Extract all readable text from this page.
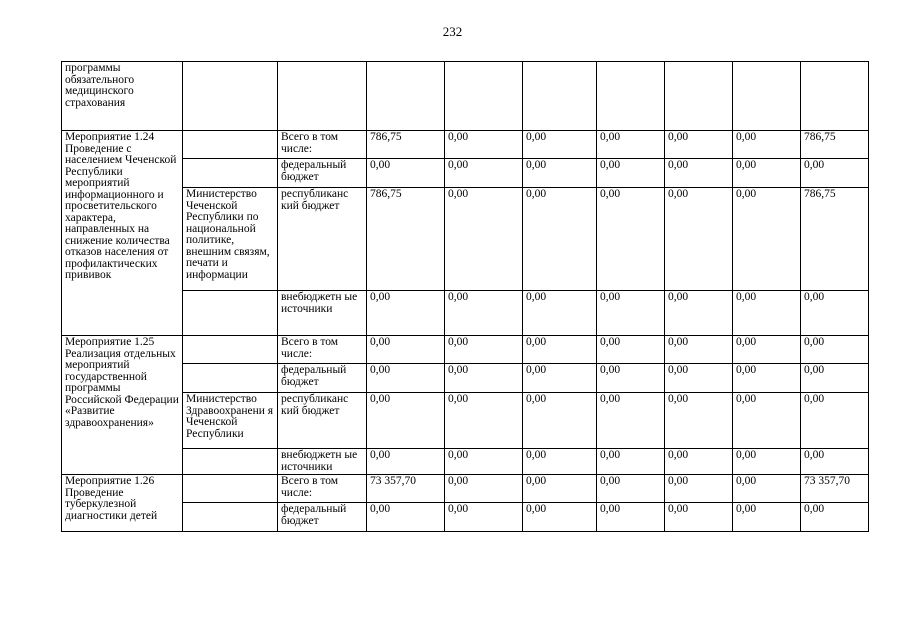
232
программы обязательного медицинского страхования									
Мероприятие 1.24 Проведение с населением Чеченской Республики мероприятий информационного и просветительского характера, направленных на снижение количества отказов населения от профилактических прививок		Всего в том числе:	786,75	0,00	0,00	0,00	0,00	0,00	786,75
		федеральный бюджет	0,00	0,00	0,00	0,00	0,00	0,00	0,00
	Министерство Чеченской Республики по национальной политике, внешним связям, печати и информации	республиканс кий бюджет	786,75	0,00	0,00	0,00	0,00	0,00	786,75
		внебюджетн ые источники	0,00	0,00	0,00	0,00	0,00	0,00	0,00
Мероприятие 1.25 Реализация отдельных мероприятий государственной программы Российской Федерации «Развитие здравоохранения»		Всего в том числе:	0,00	0,00	0,00	0,00	0,00	0,00	0,00
		федеральный бюджет	0,00	0,00	0,00	0,00	0,00	0,00	0,00
	Министерство Здравоохранени я Чеченской Республики	республиканс кий бюджет	0,00	0,00	0,00	0,00	0,00	0,00	0,00
		внебюджетн ые источники	0,00	0,00	0,00	0,00	0,00	0,00	0,00
Мероприятие 1.26 Проведение туберкулезной диагностики детей		Всего в том числе:	73 357,70	0,00	0,00	0,00	0,00	0,00	73 357,70
		федеральный бюджет	0,00	0,00	0,00	0,00	0,00	0,00	0,00
